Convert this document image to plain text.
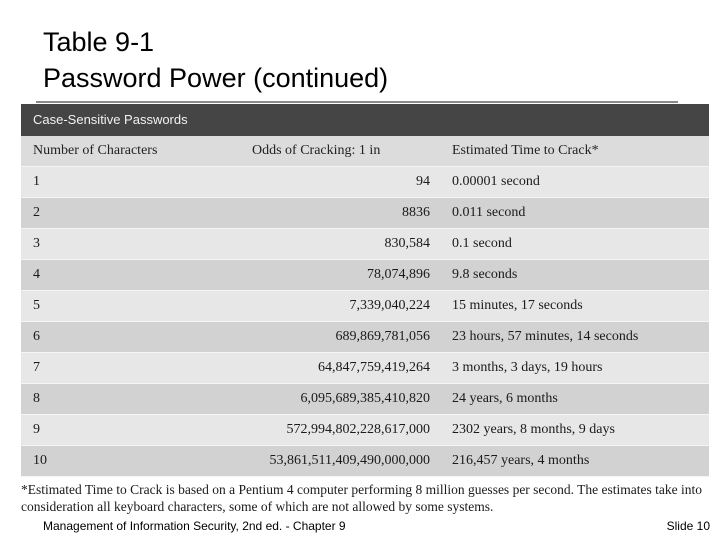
Table 9-1
Password Power (continued)
Case-Sensitive Passwords
Number of Characters	Odds of Cracking: 1 in	Estimated Time to Crack*
1	94	0.00001 second
2	8836	0.011 second
3	830,584	0.1 second
4	78,074,896	9.8 seconds
5	7,339,040,224	15 minutes, 17 seconds
6	689,869,781,056	23 hours, 57 minutes, 14 seconds
7	64,847,759,419,264	3 months, 3 days, 19 hours
8	6,095,689,385,410,820	24 years, 6 months
9	572,994,802,228,617,000	2302 years, 8 months, 9 days
10	53,861,511,409,490,000,000	216,457 years, 4 months
*Estimated Time to Crack is based on a Pentium 4 computer performing 8 million guesses per second. The estimates take into consideration all keyboard characters, some of which are not allowed by some systems.
Management of Information Security, 2nd ed. - Chapter 9	Slide 10
